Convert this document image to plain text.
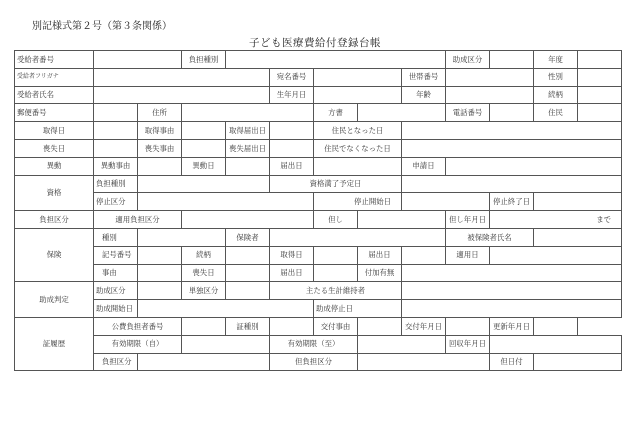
別記様式第２号（第３条関係）
子ども医療費給付登録台帳
受給者番号			負担種別						助成区分		年度	
受給者フリガナ					宛名番号			世帯番号			性別	
受給者氏名					生年月日			年齢			続柄	
郵便番号		住所				方書			電話番号		住民	
取得日		取得事由		取得届出日		住民となった日						
喪失日		喪失事由		喪失届出日		住民でなくなった日						
異動	異動事由		異動日		届出日			申請日				
資格	負担種別				資格満了予定日							
	停止区分					停止開始日				停止終了日		
負担区分	適用負担区分					但し			但し年月日	まで		
保険	種別			保険者					被保険者氏名			
	記号番号		続柄		取得日		届出日		適用日			
	事由		喪失日		届出日		付加有無					
助成判定	助成区分		単独区分		主たる生計維持者							
	助成開始日					助成停止日						
証履歴	公費負担者番号			証種別		交付事由		交付年月日		更新年月日		
	有効期限（自）				有効期限（至）				回収年月日			
	負担区分				但負担区分					但日付		
